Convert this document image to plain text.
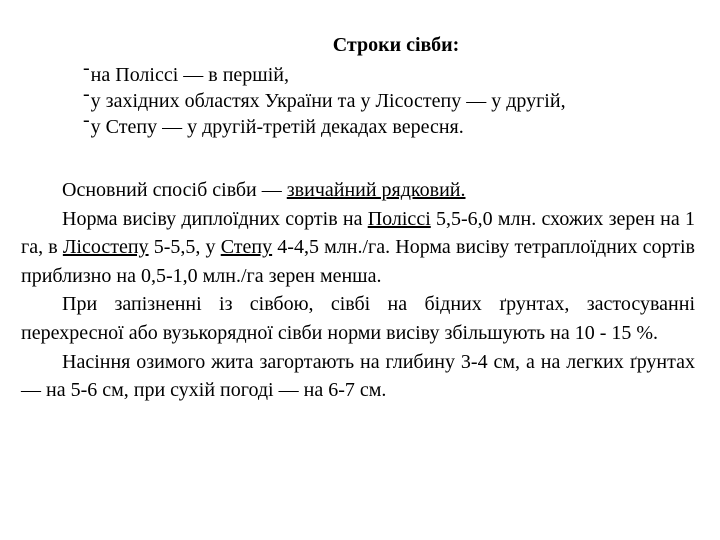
Строки сівби:
-на Поліссі — в першій,
-у західних областях України та у Лісостепу — у другій,
-у Степу — у другій-третій декадах вересня.

Основний спосіб сівби — звичайний рядковий.

Норма висіву диплоїдних сортів на Поліссі 5,5-6,0 млн. схожих зерен на 1 га, в Лісостепу 5-5,5, у Степу 4-4,5 млн./га. Норма висіву тетраплоїдних сортів приблизно на 0,5-1,0 млн./га зерен менша.

При запізненні із сівбою, сівбі на бідних ґрунтах, застосуванні перехресної або вузькорядної сівби норми висіву збільшують на 10 - 15 %.

Насіння озимого жита загортають на глибину 3-4 см, а на легких ґрунтах — на 5-6 см, при сухій погоді — на 6-7 см.
